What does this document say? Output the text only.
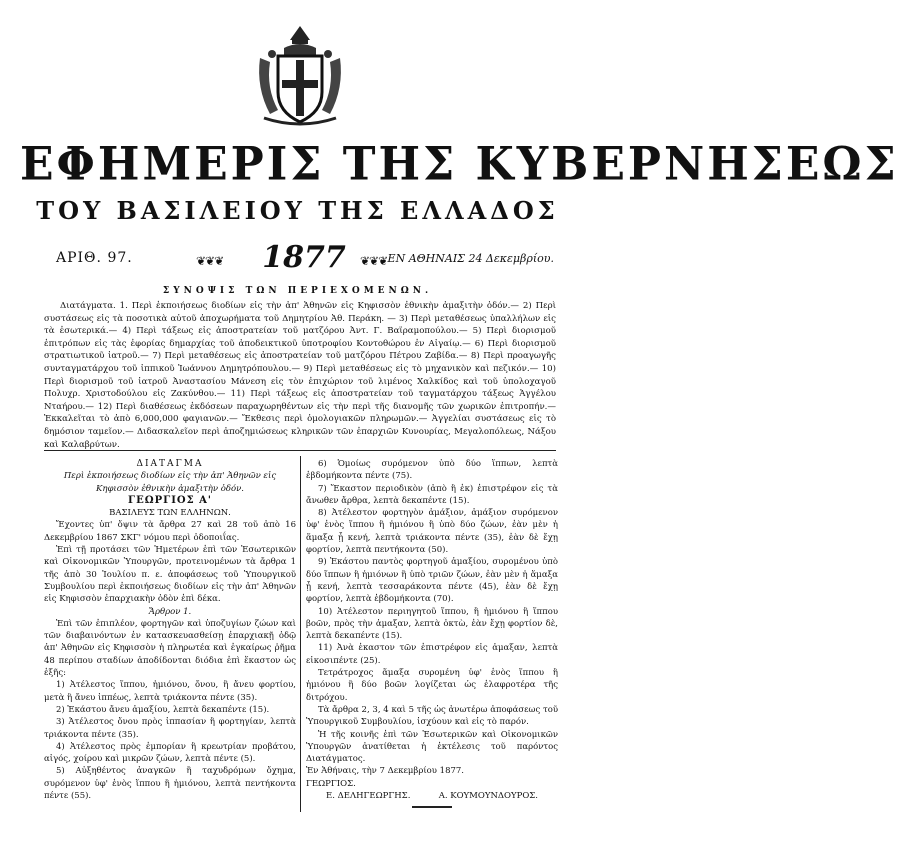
ΕΦΗΜΕΡΙΣ ΤΗΣ ΚΥΒΕΡΝΗΣΕΩΣ
ΤΟΥ ΒΑΣΙΛΕΙΟΥ ΤΗΣ ΕΛΛΑΔΟΣ
ΑΡΙΘ. 97.	❦❦❦ 1877	❦❦❦ ΕΝ ΑΘΗΝΑΙΣ 24 Δεκεμβρίου.
ΣΥΝΟΨΙΣ ΤΩΝ ΠΕΡΙΕΧΟΜΕΝΩΝ.

Διατάγματα. 1. Περὶ ἐκποιήσεως διοδίων εἰς τὴν ἀπ' Ἀθηνῶν εἰς Κηφισσὸν ἐθνικὴν ἁμαξιτὴν ὁδόν.— 2) Περὶ συστάσεως εἰς τὰ ποσοτικὰ αὐτοῦ ἀποχωρήματα τοῦ Δημητρίου Ἀθ. Περάκη. — 3) Περὶ μεταθέσεως ὑπαλλήλων εἰς τὰ ἐσωτερικά.— 4) Περὶ τάξεως εἰς ἀποστρατείαν τοῦ ματζόρου Ἀντ. Γ. Βαϊραμοπούλου.— 5) Περὶ διορισμοῦ ἐπιτρόπων εἰς τὰς ἐφορίας δημαρχίας τοῦ ἀποδεικτικοῦ ὑποτροφίου Κοντοθώρου ἐν Αἰγαίῳ.— 6) Περὶ διορισμοῦ στρατιωτικοῦ ἰατροῦ.— 7) Περὶ μεταθέσεως εἰς ἀποστρατείαν τοῦ ματζόρου Πέτρου Ζαβίδα.— 8) Περὶ προαγωγῆς συνταγματάρχου τοῦ ἱππικοῦ Ἰωάννου Δημητρόπουλου.— 9) Περὶ μεταθέσεως εἰς τὸ μηχανικὸν καὶ πεζικόν.— 10) Περὶ διορισμοῦ τοῦ ἰατροῦ Ἀναστασίου Μάνεση εἰς τὸν ἐπιχώριον τοῦ λιμένος Χαλκίδος καὶ τοῦ ὑπολοχαγοῦ Πολυχρ. Χριστοδούλου εἰς Ζακύνθου.— 11) Περὶ τάξεως εἰς ἀποστρατείαν τοῦ ταγματάρχου τάξεως Ἀγγέλου Νταήρου.— 12) Περὶ διαθέσεως ἐκδόσεων παραχωρηθέντων εἰς τὴν περὶ τῆς διανομῆς τῶν χωρικῶν ἐπιτροπήν.— Ἐκκαλεῖται τὸ ἀπὸ 6,000,000 φαγιανῶν.— Ἔκθεσις περὶ ὁμολογιακῶν πληρωμῶν.— Ἀγγελίαι συστάσεως εἰς τὸ δημόσιον ταμεῖον.— Διδασκαλεῖον περὶ ἀποζημιώσεως κληρικῶν τῶν ἐπαρχιῶν Κυνουρίας, Μεγαλοπόλεως, Νάξου καὶ Καλαβρύτων.

ΔΙΑΤΑΓΜΑ

Περὶ ἐκποιήσεως διοδίων εἰς τὴν ἀπ' Ἀθηνῶν εἰς Κηφισσὸν ἐθνικὴν ἁμαξιτὴν ὁδόν.

ΓΕΩΡΓΙΟΣ Α'

ΒΑΣΙΛΕΥΣ ΤΩΝ ΕΛΛΗΝΩΝ.

Ἔχοντες ὑπ' ὄψιν τὰ ἄρθρα 27 καὶ 28 τοῦ ἀπὸ 16 Δεκεμβρίου 1867 ΣΚΓ' νόμου περὶ ὁδοποιΐας.

Ἐπὶ τῇ προτάσει τῶν Ἡμετέρων ἐπὶ τῶν Ἐσωτερικῶν καὶ Οἰκονομικῶν Ὑπουργῶν, προτεινομένων τὰ ἄρθρα 1 τῆς ἀπὸ 30 Ἰουλίου π. ε. ἀποφάσεως τοῦ Ὑπουργικοῦ Συμβουλίου περὶ ἐκποιήσεως διοδίων εἰς τὴν ἀπ' Ἀθηνῶν εἰς Κηφισσὸν ἐπαρχιακὴν ὁδὸν ἐπὶ δέκα.

Ἄρθρον 1.

Ἐπὶ τῶν ἐπιπλέον, φορτηγῶν καὶ ὑποζυγίων ζώων καὶ τῶν διαβαινόντων ἐν κατασκευασθείσῃ ἐπαρχιακῇ ὁδῷ ἀπ' Ἀθηνῶν εἰς Κηφισσὸν ἡ πληρωτέα καὶ ἐγκαίρως ῥῆμα 48 περίπου σταδίων ἀποδίδονται διόδια ἐπὶ ἕκαστον ὡς ἑξῆς:

1) Ἀτέλεστος ἵππου, ἡμιόνου, ὄνου, ἢ ἄνευ φορτίου, μετὰ ἢ ἄνευ ἱππέως, λεπτὰ τριάκοντα πέντε (35).

2) Ἑκάστου ἄνευ ἁμαξίου, λεπτὰ δεκαπέντε (15).

3) Ἀτέλεστος ὄνου πρὸς ἱππασίαν ἢ φορτηγίαν, λεπτὰ τριάκοντα πέντε (35).

4) Ἀτέλεστος πρὸς ἐμπορίαν ἢ κρεωτρίαν προβάτου, αἰγός, χοίρου καὶ μικρῶν ζώων, λεπτὰ πέντε (5).

5) Αὐξηθέντος ἀναγκῶν ἢ ταχυδρόμων ὄχημα, συρόμενον ὑφ' ἑνὸς ἵππου ἢ ἡμιόνου, λεπτὰ πεντήκοντα πέντε (55).

6) Ὁμοίως συρόμενον ὑπὸ δύο ἵππων, λεπτὰ ἑβδομήκοντα πέντε (75).

7) Ἕκαστον περιοδικὸν (ἀπὸ ἢ ἐκ) ἐπιστρέφον εἰς τὰ ἄνωθεν ἄρθρα, λεπτὰ δεκαπέντε (15).

8) Ἀτέλεστον φορτηγὸν ἁμάξιον, ἁμάξιον συρόμενον ὑφ' ἑνὸς ἵππου ἢ ἡμιόνου ἢ ὑπὸ δύο ζώων, ἐὰν μὲν ἡ ἅμαξα ᾖ κενή, λεπτὰ τριάκοντα πέντε (35), ἐὰν δὲ ἔχῃ φορτίον, λεπτὰ πεντήκοντα (50).

9) Ἑκάστου παντὸς φορτηγοῦ ἁμαξίου, συρομένου ὑπὸ δύο ἵππων ἢ ἡμιόνων ἢ ὑπὸ τριῶν ζώων, ἐὰν μὲν ἡ ἅμαξα ᾖ κενή, λεπτὰ τεσσαράκοντα πέντε (45), ἐὰν δὲ ἔχῃ φορτίον, λεπτὰ ἑβδομήκοντα (70).

10) Ἀτέλεστον περιηγητοῦ ἵππου, ἢ ἡμιόνου ἢ ἵππου βοῶν, πρὸς τὴν ἁμαξαν, λεπτὰ ὀκτὼ, ἐὰν ἔχῃ φορτίον δὲ, λεπτὰ δεκαπέντε (15).

11) Ἀνὰ ἑκαστον τῶν ἐπιστρέφον εἰς ἁμαξαν, λεπτὰ εἰκοσιπέντε (25).

Τετράτροχος ἅμαξα συρομένη ὑφ' ἑνὸς ἵππου ἢ ἡμιόνου ἢ δύο βοῶν λογίζεται ὡς ἐλαφροτέρα τῆς διτρόχου.

Τὰ ἄρθρα 2, 3, 4 καὶ 5 τῆς ὡς ἀνωτέρω ἀποφάσεως τοῦ Ὑπουργικοῦ Συμβουλίου, ἰσχύουν καὶ εἰς τὸ παρόν.

Ἡ τῆς κοινῆς ἐπὶ τῶν Ἐσωτερικῶν καὶ Οἰκονομικῶν Ὑπουργῶν ἀνατίθεται ἡ ἐκτέλεσις τοῦ παρόντος Διατάγματος.

Ἐν Ἀθήναις, τὴν 7 Δεκεμβρίου 1877.

ΓΕΩΡΓΙΟΣ.

Ε. ΔΕΛΗΓΕΩΡΓΗΣ.	Α. ΚΟΥΜΟΥΝΔΟΥΡΟΣ.
